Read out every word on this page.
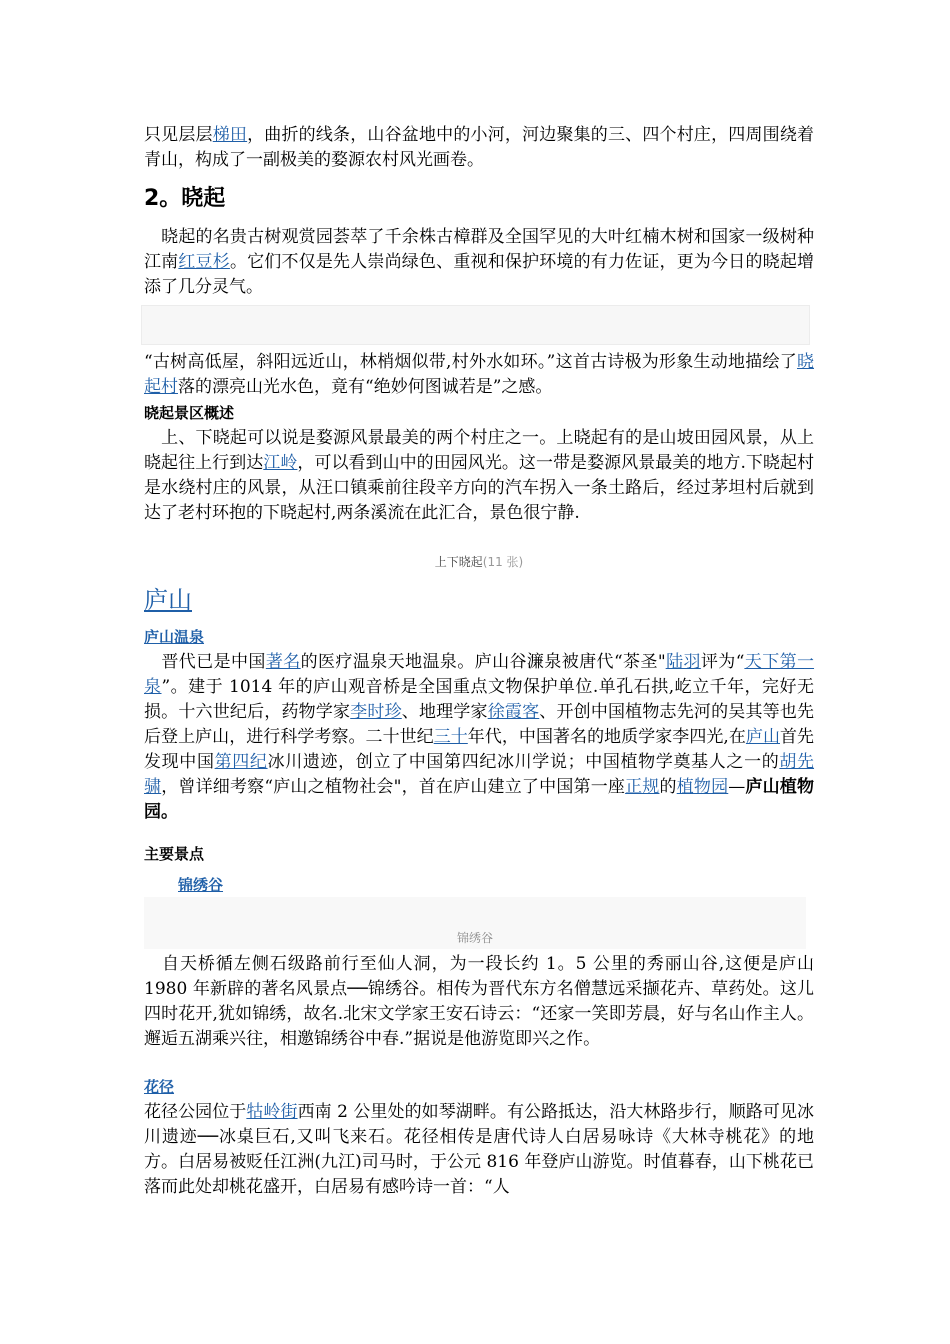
只见层层梯田，曲折的线条，山谷盆地中的小河，河边聚集的三、四个村庄，四周围绕着青山，构成了一副极美的婺源农村风光画卷。

2。晓起

　晓起的名贵古树观赏园荟萃了千余株古樟群及全国罕见的大叶红楠木树和国家一级树种江南红豆杉。它们不仅是先人崇尚绿色、重视和保护环境的有力佐证，更为今日的晓起增添了几分灵气。

“古树高低屋，斜阳远近山，林梢烟似带,村外水如环。”这首古诗极为形象生动地描绘了晓起村落的漂亮山光水色，竟有“绝妙何图诚若是”之感。

晓起景区概述

　上、下晓起可以说是婺源风景最美的两个村庄之一。上晓起有的是山坡田园风景，从上晓起往上行到达江岭，可以看到山中的田园风光。这一带是婺源风景最美的地方.下晓起村是水绕村庄的风景，从汪口镇乘前往段辛方向的汽车拐入一条土路后，经过茅坦村后就到达了老村环抱的下晓起村,两条溪流在此汇合，景色很宁静.

上下晓起(11 张)
庐山
庐山温泉

　晋代已是中国著名的医疗温泉天地温泉。庐山谷濂泉被唐代“茶圣"陆羽评为“天下第一泉”。建于 1014 年的庐山观音桥是全国重点文物保护单位.单孔石拱,屹立千年，完好无损。十六世纪后，药物学家李时珍、地理学家徐霞客、开创中国植物志先河的吴其等也先后登上庐山，进行科学考察。二十世纪三十年代，中国著名的地质学家李四光,在庐山首先发现中国第四纪冰川遗迹，创立了中国第四纪冰川学说；中国植物学奠基人之一的胡先骕，曾详细考察“庐山之植物社会"，首在庐山建立了中国第一座正规的植物园—庐山植物园。

主要景点
锦绣谷
锦绣谷

　自天桥循左侧石级路前行至仙人洞，为一段长约 1。5 公里的秀丽山谷,这便是庐山 1980 年新辟的著名风景点──锦绣谷。相传为晋代东方名僧慧远采撷花卉、草药处。这儿四时花开,犹如锦绣，故名.北宋文学家王安石诗云：“还家一笑即芳晨，好与名山作主人。邂逅五湖乘兴往，相邀锦绣谷中春.”据说是他游览即兴之作。

花径

花径公园位于牯岭街西南 2 公里处的如琴湖畔。有公路抵达，沿大林路步行，顺路可见冰川遗迹──冰桌巨石,又叫飞来石。花径相传是唐代诗人白居易咏诗《大林寺桃花》的地方。白居易被贬任江洲(九江)司马时，于公元 816 年登庐山游览。时值暮春，山下桃花已落而此处却桃花盛开，白居易有感吟诗一首：“人
